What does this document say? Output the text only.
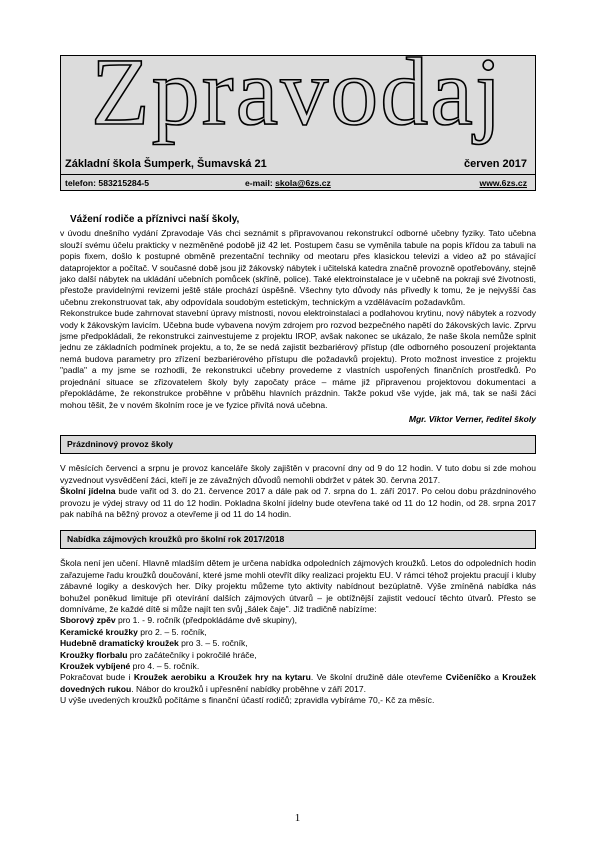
Zpravodaj
Základní škola Šumperk, Šumavská 21	červen 2017
telefon: 583215284-5	e-mail: skola@6zs.cz	www.6zs.cz
Vážení rodiče a příznivci naší školy,

v úvodu dnešního vydání Zpravodaje Vás chci seznámit s připravovanou rekonstrukcí odborné učebny fyziky. Tato učebna slouží svému účelu prakticky v nezměněné podobě již 42 let. Postupem času se vyměnila tabule na popis křídou za tabuli na popis fixem, došlo k postupné obměně prezentační techniky od meotaru přes klasickou televizi a video až po stávající dataprojektor a počítač. V současné době jsou již žákovský nábytek i učitelská katedra značně provozně opotřebovány, stejně jako další nábytek na ukládání učebních pomůcek (skříně, police). Také elektroinstalace je v učebně na pokraji své životnosti, přestože pravidelnými revizemi ještě stále prochází úspěšně. Všechny tyto důvody nás přivedly k tomu, že je nejvyšší čas učebnu zrekonstruovat tak, aby odpovídala soudobým estetickým, technickým a vzdělávacím požadavkům.

Rekonstrukce bude zahrnovat stavební úpravy místnosti, novou elektroinstalaci a podlahovou krytinu, nový nábytek a rozvody vody k žákovským lavicím. Učebna bude vybavena novým zdrojem pro rozvod bezpečného napětí do žákovských lavic. Zprvu jsme předpokládali, že rekonstrukci zainvestujeme z projektu IROP, avšak nakonec se ukázalo, že naše škola nemůže splnit jednu ze základních podmínek projektu, a to, že se nedá zajistit bezbariérový přístup (dle odborného posouzení projektanta nemá budova parametry pro zřízení bezbariérového přístupu dle požadavků projektu). Proto možnost investice z projektu "padla" a my jsme se rozhodli, že rekonstrukci učebny provedeme z vlastních uspořených finančních prostředků. Po projednání situace se zřizovatelem školy byly započaty práce – máme již připravenou projektovou dokumentaci a přepokládáme, že rekonstrukce proběhne v průběhu hlavních prázdnin. Takže pokud vše vyjde, jak má, tak se naši žáci mohou těšit, že v novém školním roce je ve fyzice přivítá nová učebna.

Mgr. Viktor Verner, ředitel školy
Prázdninový provoz školy

V měsících červenci a srpnu je provoz kanceláře školy zajištěn v pracovní dny od 9 do 12 hodin. V tuto dobu si zde mohou vyzvednout vysvědčení žáci, kteří je ze závažných důvodů nemohli obdržet v pátek 30. června 2017.

Školní jídelna bude vařit od 3. do 21. července 2017 a dále pak od 7. srpna do 1. září 2017. Po celou dobu prázdninového provozu je výdej stravy od 11 do 12 hodin. Pokladna školní jídelny bude otevřena také od 11 do 12 hodin, od 28. srpna 2017 pak nabíhá na běžný provoz a otevřeme ji od 11 do 14 hodin.

Nabídka zájmových kroužků pro školní rok 2017/2018

Škola není jen učení. Hlavně mladším dětem je určena nabídka odpoledních zájmových kroužků. Letos do odpoledních hodin zařazujeme řadu kroužků doučování, které jsme mohli otevřít díky realizaci projektu EU. V rámci téhož projektu pracují i kluby zábavné logiky a deskových her. Díky projektu můžeme tyto aktivity nabídnout bezúplatně. Výše zmíněná nabídka nás bohužel poněkud limituje při otevírání dalších zájmových útvarů – je obtížnější zajistit vedoucí těchto útvarů. Přesto se domníváme, že každé dítě si může najít ten svůj „šálek čaje". Již tradičně nabízíme:

Sborový zpěv pro 1. - 9. ročník (předpokládáme dvě skupiny),

Keramické kroužky pro 2. – 5. ročník,

Hudebně dramatický kroužek pro 3. – 5. ročník,

Kroužky florbalu pro začátečníky i pokročilé hráče,

Kroužek vybíjené pro 4. – 5. ročník.

Pokračovat bude i Kroužek aerobiku a Kroužek hry na kytaru. Ve školní družině dále otevřeme Cvičeníčko a Kroužek dovedných rukou. Nábor do kroužků i upřesnění nabídky proběhne v září 2017.

U výše uvedených kroužků počítáme s finanční účastí rodičů; zpravidla vybíráme 70,- Kč za měsíc.

1
